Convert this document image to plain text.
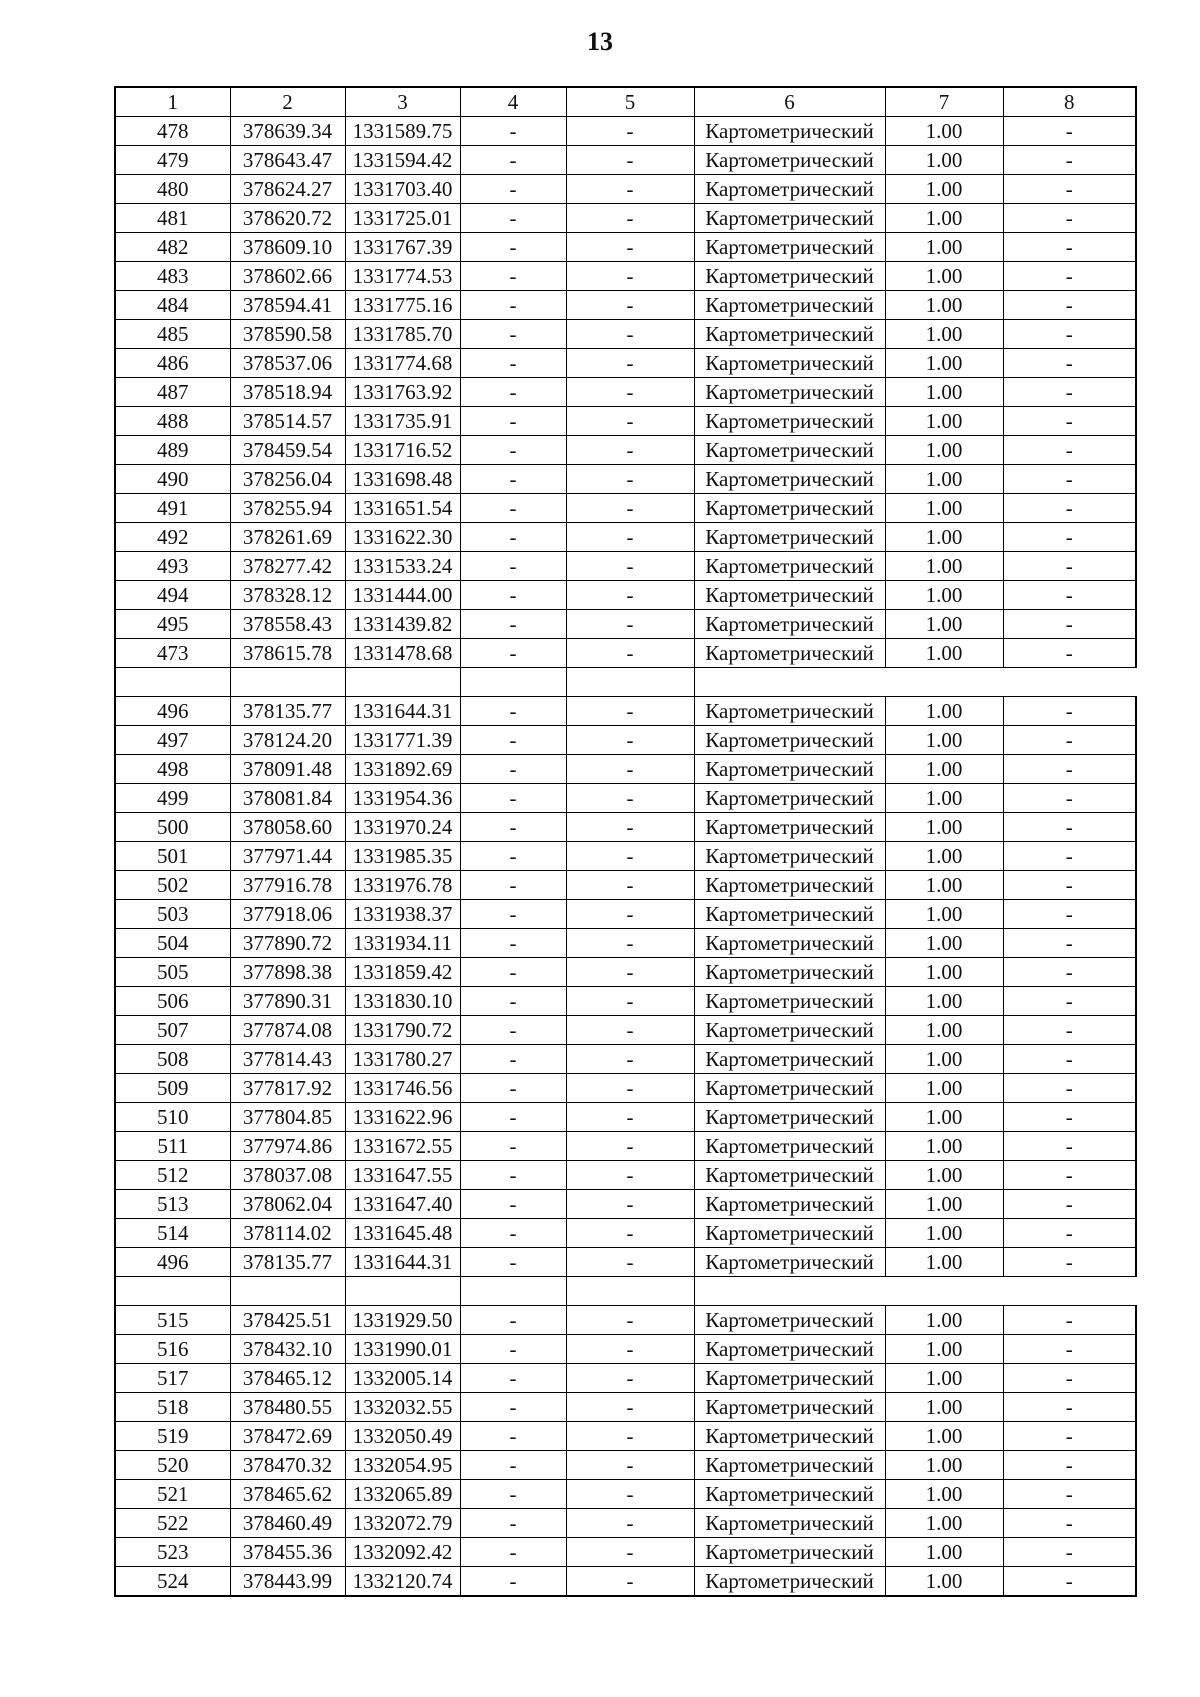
13
1	2	3	4	5	6	7	8
478	378639.34	1331589.75	-	-	Картометрический	1.00	-
479	378643.47	1331594.42	-	-	Картометрический	1.00	-
480	378624.27	1331703.40	-	-	Картометрический	1.00	-
481	378620.72	1331725.01	-	-	Картометрический	1.00	-
482	378609.10	1331767.39	-	-	Картометрический	1.00	-
483	378602.66	1331774.53	-	-	Картометрический	1.00	-
484	378594.41	1331775.16	-	-	Картометрический	1.00	-
485	378590.58	1331785.70	-	-	Картометрический	1.00	-
486	378537.06	1331774.68	-	-	Картометрический	1.00	-
487	378518.94	1331763.92	-	-	Картометрический	1.00	-
488	378514.57	1331735.91	-	-	Картометрический	1.00	-
489	378459.54	1331716.52	-	-	Картометрический	1.00	-
490	378256.04	1331698.48	-	-	Картометрический	1.00	-
491	378255.94	1331651.54	-	-	Картометрический	1.00	-
492	378261.69	1331622.30	-	-	Картометрический	1.00	-
493	378277.42	1331533.24	-	-	Картометрический	1.00	-
494	378328.12	1331444.00	-	-	Картометрический	1.00	-
495	378558.43	1331439.82	-	-	Картометрический	1.00	-
473	378615.78	1331478.68	-	-	Картометрический	1.00	-

496	378135.77	1331644.31	-	-	Картометрический	1.00	-
497	378124.20	1331771.39	-	-	Картометрический	1.00	-
498	378091.48	1331892.69	-	-	Картометрический	1.00	-
499	378081.84	1331954.36	-	-	Картометрический	1.00	-
500	378058.60	1331970.24	-	-	Картометрический	1.00	-
501	377971.44	1331985.35	-	-	Картометрический	1.00	-
502	377916.78	1331976.78	-	-	Картометрический	1.00	-
503	377918.06	1331938.37	-	-	Картометрический	1.00	-
504	377890.72	1331934.11	-	-	Картометрический	1.00	-
505	377898.38	1331859.42	-	-	Картометрический	1.00	-
506	377890.31	1331830.10	-	-	Картометрический	1.00	-
507	377874.08	1331790.72	-	-	Картометрический	1.00	-
508	377814.43	1331780.27	-	-	Картометрический	1.00	-
509	377817.92	1331746.56	-	-	Картометрический	1.00	-
510	377804.85	1331622.96	-	-	Картометрический	1.00	-
511	377974.86	1331672.55	-	-	Картометрический	1.00	-
512	378037.08	1331647.55	-	-	Картометрический	1.00	-
513	378062.04	1331647.40	-	-	Картометрический	1.00	-
514	378114.02	1331645.48	-	-	Картометрический	1.00	-
496	378135.77	1331644.31	-	-	Картометрический	1.00	-

515	378425.51	1331929.50	-	-	Картометрический	1.00	-
516	378432.10	1331990.01	-	-	Картометрический	1.00	-
517	378465.12	1332005.14	-	-	Картометрический	1.00	-
518	378480.55	1332032.55	-	-	Картометрический	1.00	-
519	378472.69	1332050.49	-	-	Картометрический	1.00	-
520	378470.32	1332054.95	-	-	Картометрический	1.00	-
521	378465.62	1332065.89	-	-	Картометрический	1.00	-
522	378460.49	1332072.79	-	-	Картометрический	1.00	-
523	378455.36	1332092.42	-	-	Картометрический	1.00	-
524	378443.99	1332120.74	-	-	Картометрический	1.00	-
